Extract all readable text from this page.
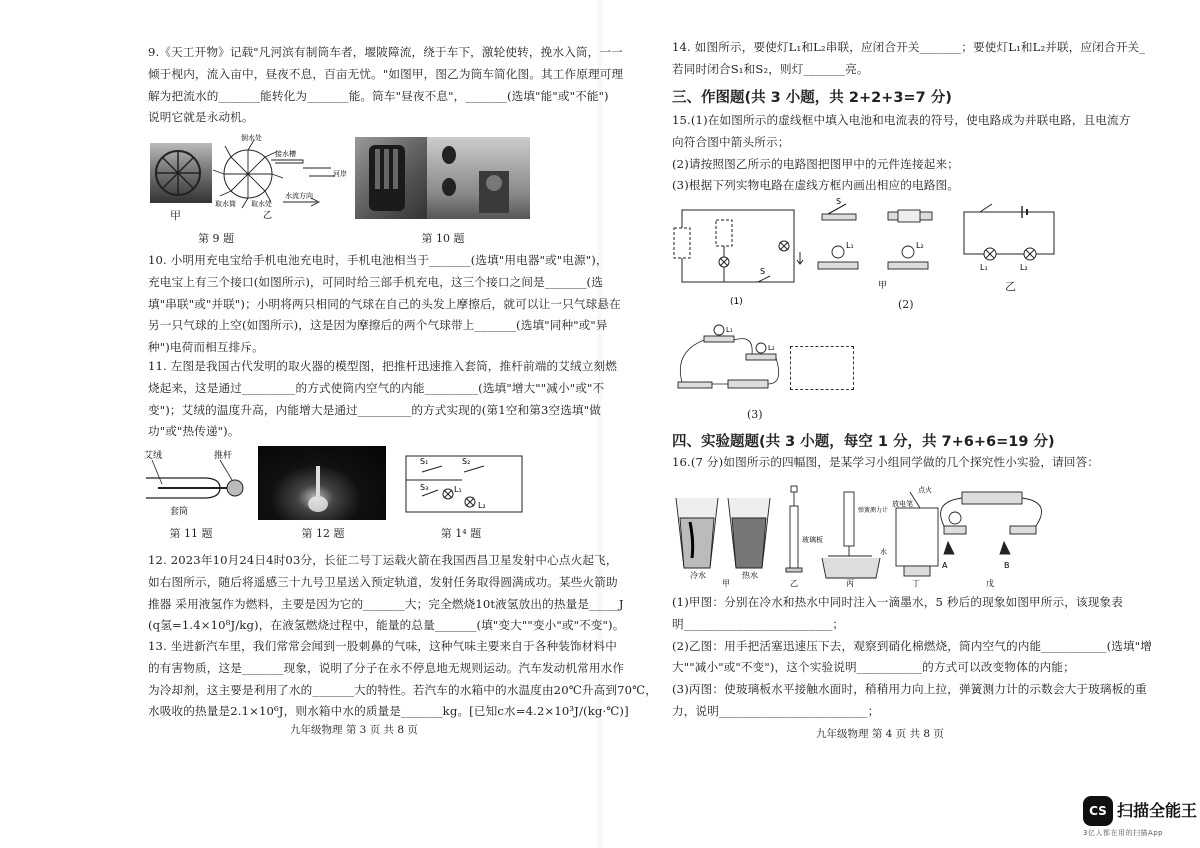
9.《天工开物》记载"凡河滨有制筒车者，堰陂障流，绕于车下，激轮使转，挽水入筒，一一

倾于枧内，流入亩中，昼夜不息，百亩无忧。"如图甲，图乙为筒车简化图。其工作原理可理

解为把流水的_______能转化为_______能。筒车"昼夜不息"，_______(选填"能"或"不能")

说明它就是永动机。

甲
倒水处
接水槽
取水筒 取水处
水流方向
河岸
乙
第 9 题	第 10 题

10. 小明用充电宝给手机电池充电时，手机电池相当于_______(选填"用电器"或"电源")，

充电宝上有三个接口(如图所示)，可同时给三部手机充电，这三个接口之间是_______(选

填"串联"或"并联")；小明将两只相同的气球在自己的头发上摩擦后，就可以让一只气球悬在

另一只气球的上空(如图所示)，这是因为摩擦后的两个气球带上_______(选填"同种"或"异

种")电荷而相互排斥。

11. 左图是我国古代发明的取火器的模型图，把推杆迅速推入套筒，推杆前端的艾绒立刻燃

烧起来，这是通过_________的方式使筒内空气的内能_________(选填"增大""减小"或"不

变")；艾绒的温度升高，内能增大是通过_________的方式实现的(第1空和第3空选填"做

功"或"热传递")。

艾绒	推杆
套筒
S₁	S₂
S₃	L₁
L₂
第 11 题	第 12 题	第 1⁴ 题

12. 2023年10月24日4时03分，长征二号丁运载火箭在我国西昌卫星发射中心点火起飞，

如右图所示，随后将遥感三十九号卫星送入预定轨道，发射任务取得圆满成功。某些火箭助

推器 采用液氢作为燃料，主要是因为它的_______大；完全燃烧10t液氢放出的热量是_____J

(q氢=1.4×10⁸J/kg)，在液氢燃烧过程中，能量的总量_______(填"变大""变小"或"不变")。

13. 坐进新汽车里，我们常常会闻到一股刺鼻的气味，这种气味主要来自于各种装饰材料中

的有害物质，这是_______现象，说明了分子在永不停息地无规则运动。汽车发动机常用水作

为冷却剂，这主要是利用了水的_______大的特性。若汽车的水箱中的水温度由20℃升高到70℃，

水吸收的热量是2.1×10⁶J，则水箱中水的质量是_______kg。[已知c水=4.2×10³J/(kg·℃)]

九年级物理 第 3 页 共 8 页

14. 如图所示，要使灯L₁和L₂串联，应闭合开关_______；要使灯L₁和L₂并联，应闭合开关_

若同时闭合S₁和S₂，则灯_______亮。

三、作图题(共 3 小题，共 2+2+3=7 分)

15.(1)在如图所示的虚线框中填入电池和电流表的符号，使电路成为并联电路，且电流方

向符合图中箭头所示；

(2)请按照图乙所示的电路图把图甲中的元件连接起来；

(3)根据下列实物电路在虚线方框内画出相应的电路图。

S
(1)
S
L₁	L₂
甲
(2)
L₁	L₂
乙
L₁
L₂
(3)
四、实验题题(共 3 小题，每空 1 分，共 7+6+6=19 分)

16.(7 分)如图所示的四幅图，是某学习小组同学做的几个探究性小实验，请回答：

冷水	热水
甲	乙
玻璃板
弹簧测力计
水
丙
放电笔
点火
丁
A	B
戊

(1)甲图：分别在冷水和热水中同时注入一滴墨水，5 秒后的现象如图甲所示，该现象表

明_________________________；

(2)乙图：用手把活塞迅速压下去，观察到硝化棉燃烧，筒内空气的内能___________(选填"增

大""减小"或"不变")，这个实验说明___________的方式可以改变物体的内能；

(3)丙图：使玻璃板水平接触水面时，稍稍用力向上拉，弹簧测力计的示数会大于玻璃板的重

力，说明_________________________；

九年级物理 第 4 页 共 8 页
CS 扫描全能王
3亿人都在用的扫描App
